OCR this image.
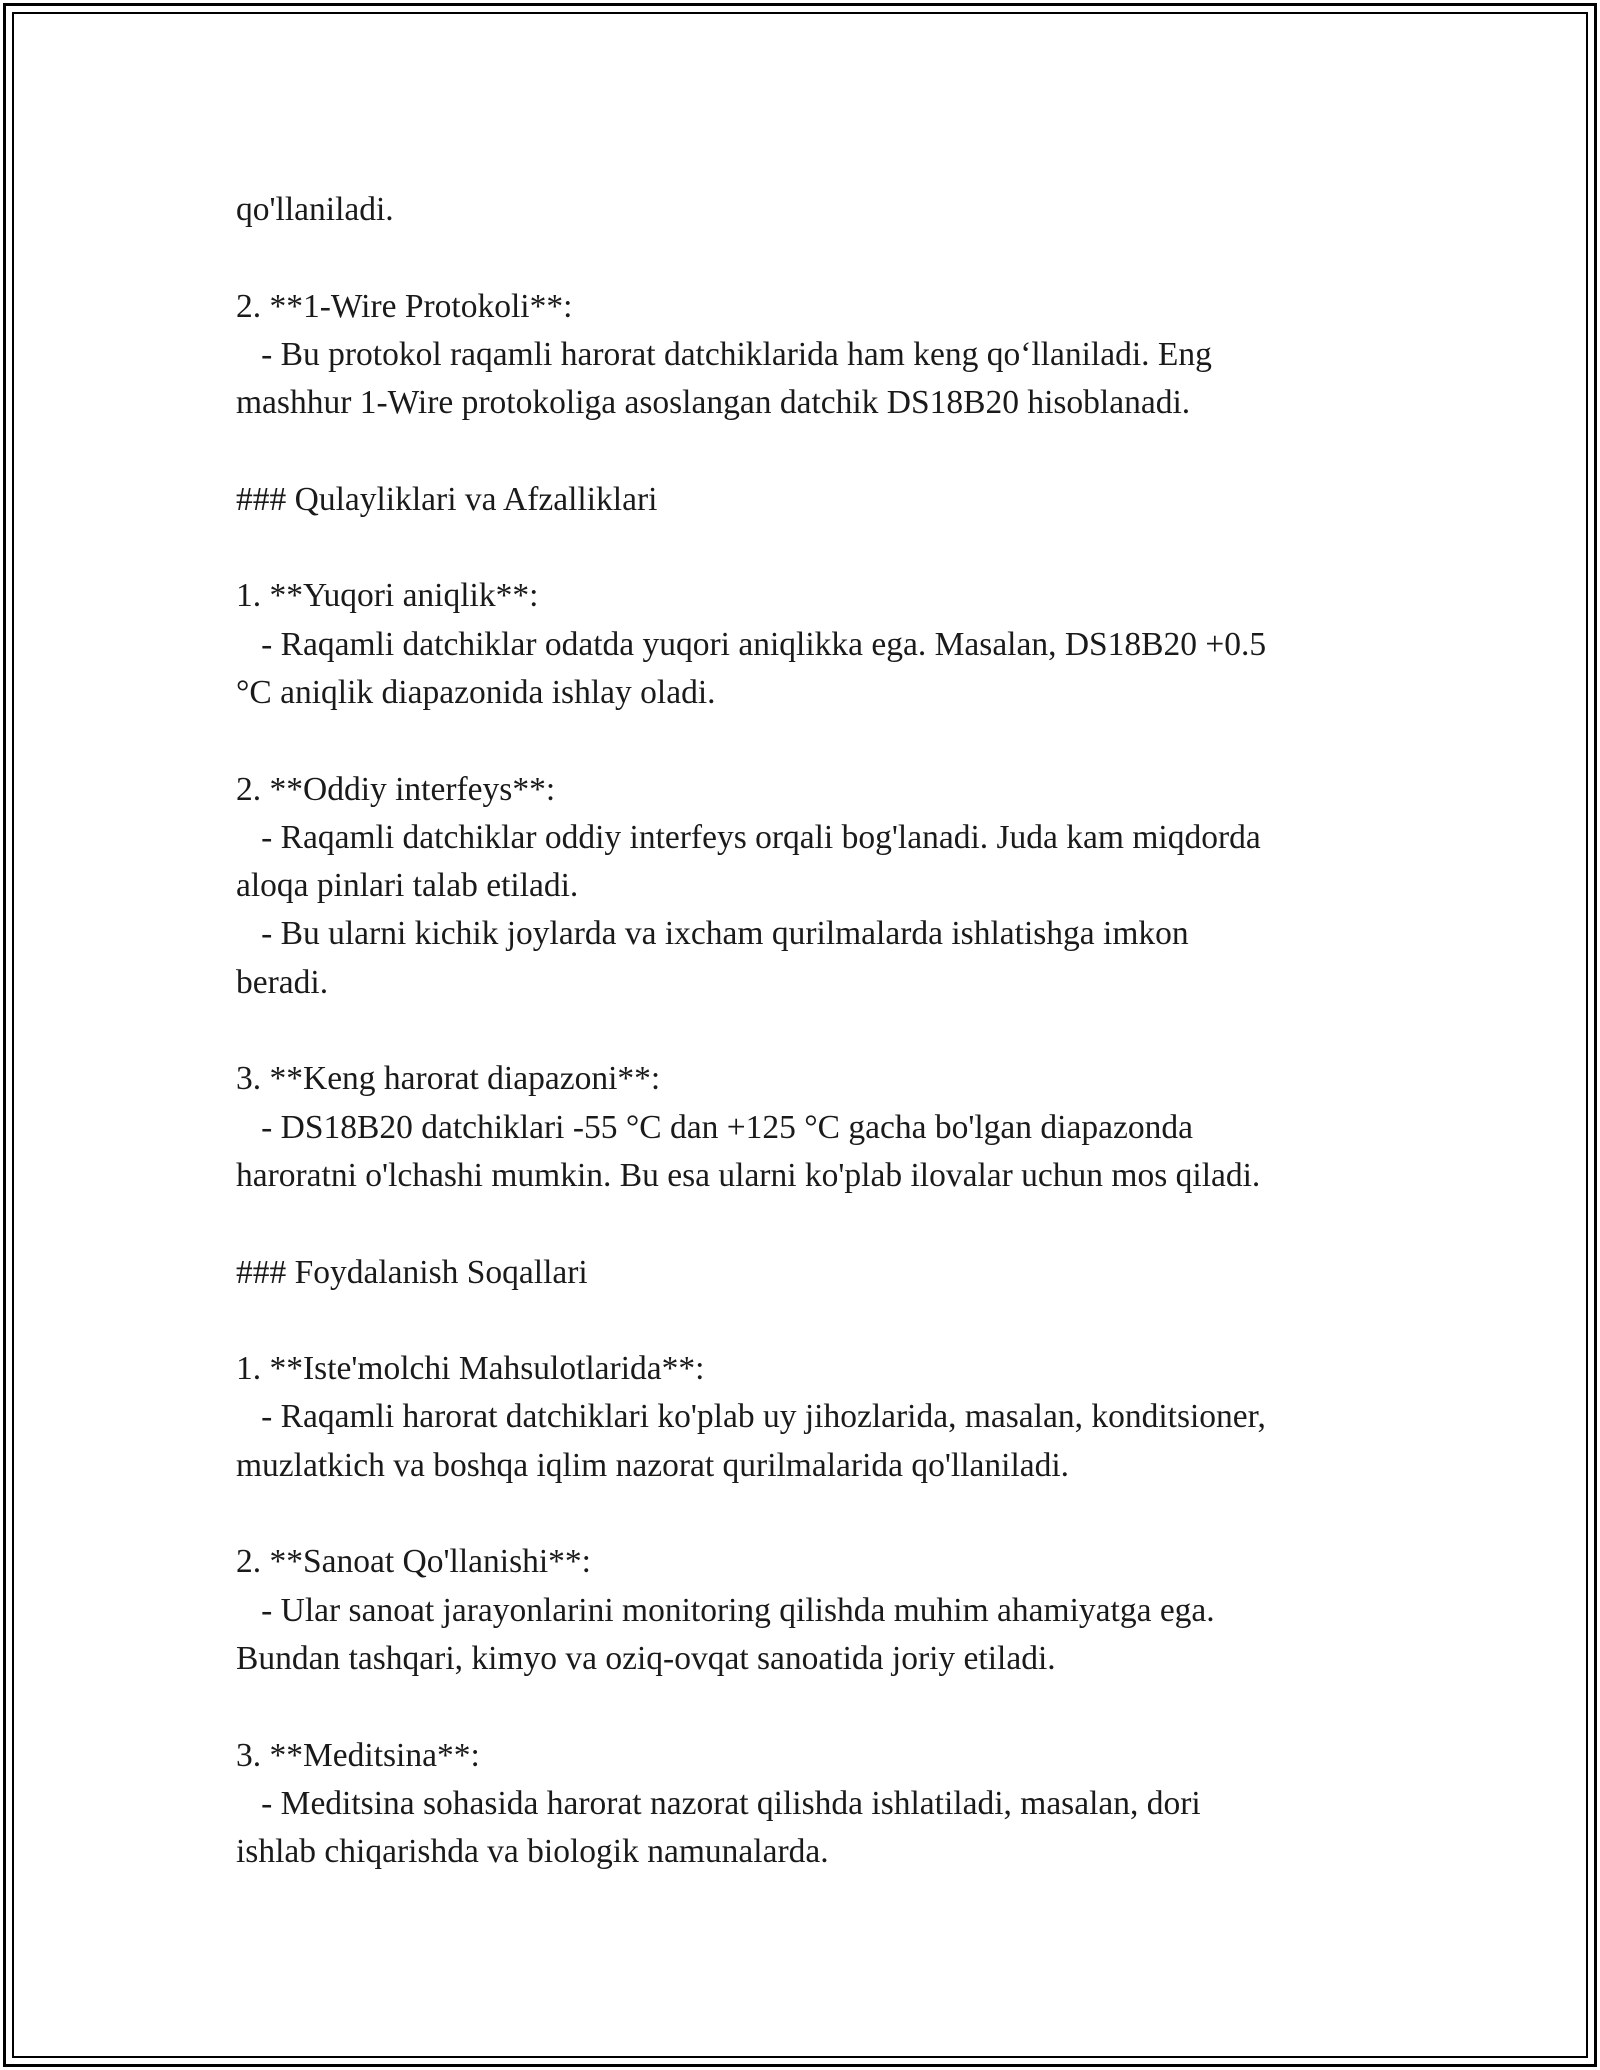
qo'llaniladi.
2. **1-Wire Protokoli**:
- Bu protokol raqamli harorat datchiklarida ham keng qo‘llaniladi. Eng
mashhur 1-Wire protokoliga asoslangan datchik DS18B20 hisoblanadi.
### Qulayliklari va Afzalliklari
1. **Yuqori aniqlik**:
- Raqamli datchiklar odatda yuqori aniqlikka ega. Masalan, DS18B20 +0.5
°C aniqlik diapazonida ishlay oladi.
2. **Oddiy interfeys**:
- Raqamli datchiklar oddiy interfeys orqali bog'lanadi. Juda kam miqdorda
aloqa pinlari talab etiladi.
- Bu ularni kichik joylarda va ixcham qurilmalarda ishlatishga imkon
beradi.
3. **Keng harorat diapazoni**:
- DS18B20 datchiklari -55 °C dan +125 °C gacha bo'lgan diapazonda
haroratni o'lchashi mumkin. Bu esa ularni ko'plab ilovalar uchun mos qiladi.
### Foydalanish Soqallari
1. **Iste'molchi Mahsulotlarida**:
- Raqamli harorat datchiklari ko'plab uy jihozlarida, masalan, konditsioner,
muzlatkich va boshqa iqlim nazorat qurilmalarida qo'llaniladi.
2. **Sanoat Qo'llanishi**:
- Ular sanoat jarayonlarini monitoring qilishda muhim ahamiyatga ega.
Bundan tashqari, kimyo va oziq-ovqat sanoatida joriy etiladi.
3. **Meditsina**:
- Meditsina sohasida harorat nazorat qilishda ishlatiladi, masalan, dori
ishlab chiqarishda va biologik namunalarda.
